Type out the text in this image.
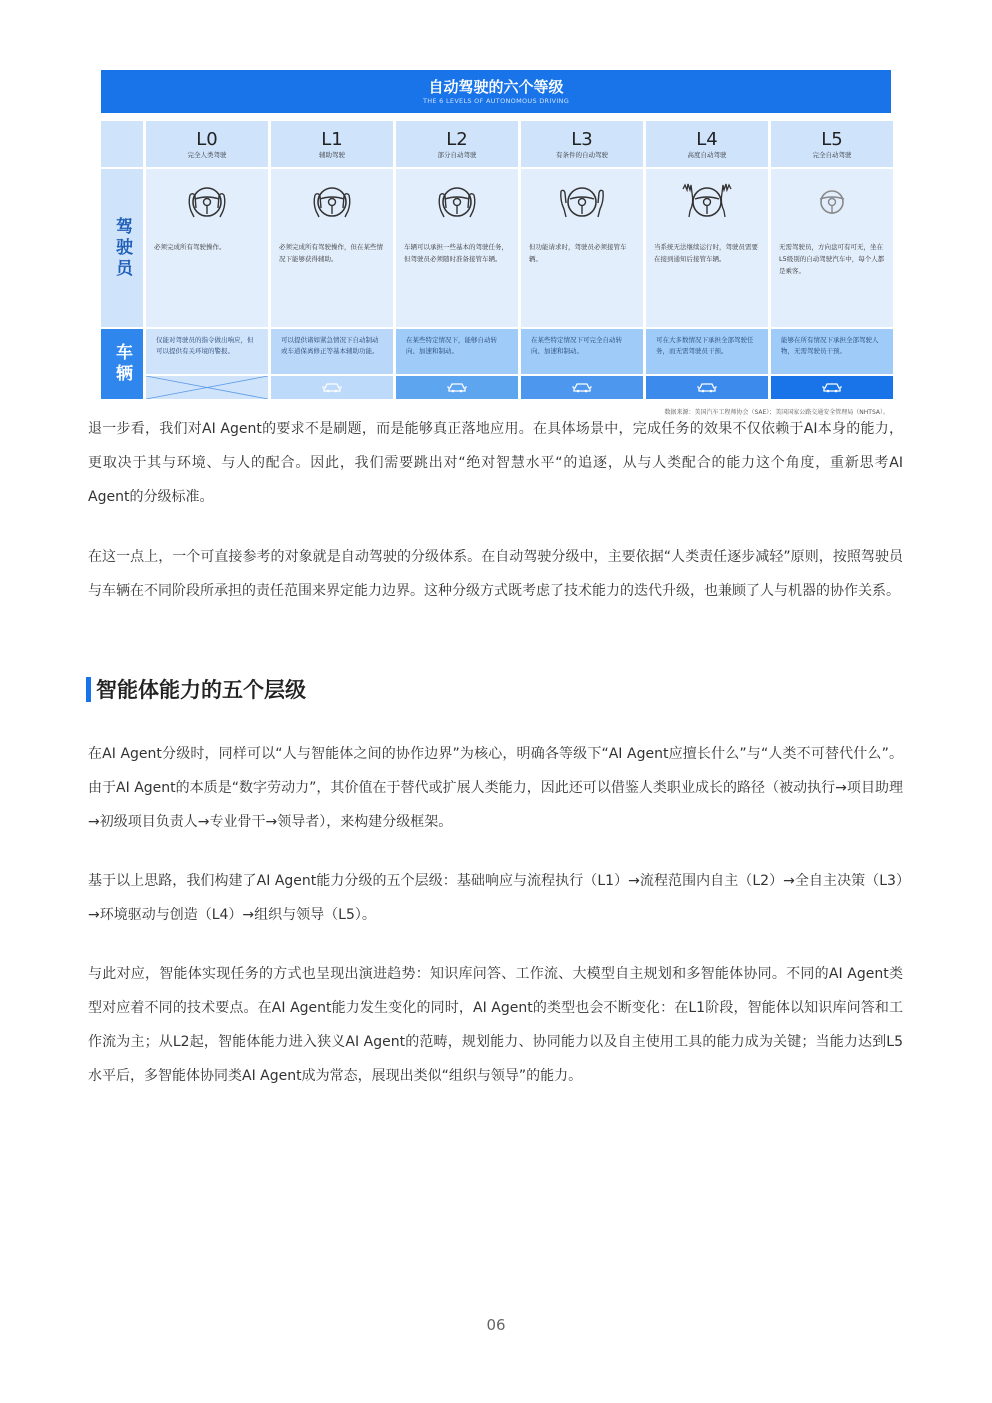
自动驾驶的六个等级
THE 6 LEVELS OF AUTONOMOUS DRIVING
驾驶员
车辆
L0
完全人类驾驶
必须完成所有驾驶操作。
仅能对驾驶员的指令做出响应，但可以提供有关环境的警报。
L1
辅助驾驶
必须完成所有驾驶操作，但在某些情况下能够获得辅助。
可以提供诸如紧急情况下自动制动或车道保离修正等基本辅助功能。
L2
部分自动驾驶
车辆可以承担一些基本的驾驶任务，但驾驶员必须随时准备接管车辆。
在某些特定情况下，能够自动转向、加速和制动。
L3
有条件的自动驾驶
但功能请求时，驾驶员必须接管车辆。
在某些特定情况下可完全自动转向、加速和制动。
L4
高度自动驾驶
当系统无法继续运行时，驾驶员需要在接到通知后接管车辆。
可在大多数情况下承担全部驾驶任务，而无需驾驶员干预。
L5
完全自动驾驶
无需驾驶员，方向盘可有可无，坐在L5级别的自动驾驶汽车中，每个人都是乘客。
能够在所有情况下承担全部驾驶人物，无需驾驶员干预。
数据来源：美国汽车工程师协会（SAE）；美国国家公路交通安全管理局（NHTSA）。
退一步看，我们对AI Agent的要求不是刷题，而是能够真正落地应用。在具体场景中，完成任务的效果不仅依赖于AI本身的能力，更取决于其与环境、与人的配合。因此，我们需要跳出对“绝对智慧水平“的追逐，从与人类配合的能力这个角度，重新思考AI Agent的分级标准。
在这一点上，一个可直接参考的对象就是自动驾驶的分级体系。在自动驾驶分级中，主要依据“人类责任逐步减轻”原则，按照驾驶员与车辆在不同阶段所承担的责任范围来界定能力边界。这种分级方式既考虑了技术能力的迭代升级，也兼顾了人与机器的协作关系。
智能体能力的五个层级
在AI Agent分级时，同样可以“人与智能体之间的协作边界”为核心，明确各等级下“AI Agent应擅长什么”与“人类不可替代什么”。由于AI Agent的本质是“数字劳动力”，其价值在于替代或扩展人类能力，因此还可以借鉴人类职业成长的路径（被动执行→项目助理→初级项目负责人→专业骨干→领导者），来构建分级框架。
基于以上思路，我们构建了AI Agent能力分级的五个层级：基础响应与流程执行（L1）→流程范围内自主（L2）→全自主决策（L3）→环境驱动与创造（L4）→组织与领导（L5）。
与此对应，智能体实现任务的方式也呈现出演进趋势：知识库问答、工作流、大模型自主规划和多智能体协同。不同的AI Agent类型对应着不同的技术要点。在AI Agent能力发生变化的同时，AI Agent的类型也会不断变化：在L1阶段，智能体以知识库问答和工作流为主；从L2起，智能体能力进入狭义AI Agent的范畴，规划能力、协同能力以及自主使用工具的能力成为关键；当能力达到L5水平后，多智能体协同类AI Agent成为常态，展现出类似“组织与领导”的能力。
06
